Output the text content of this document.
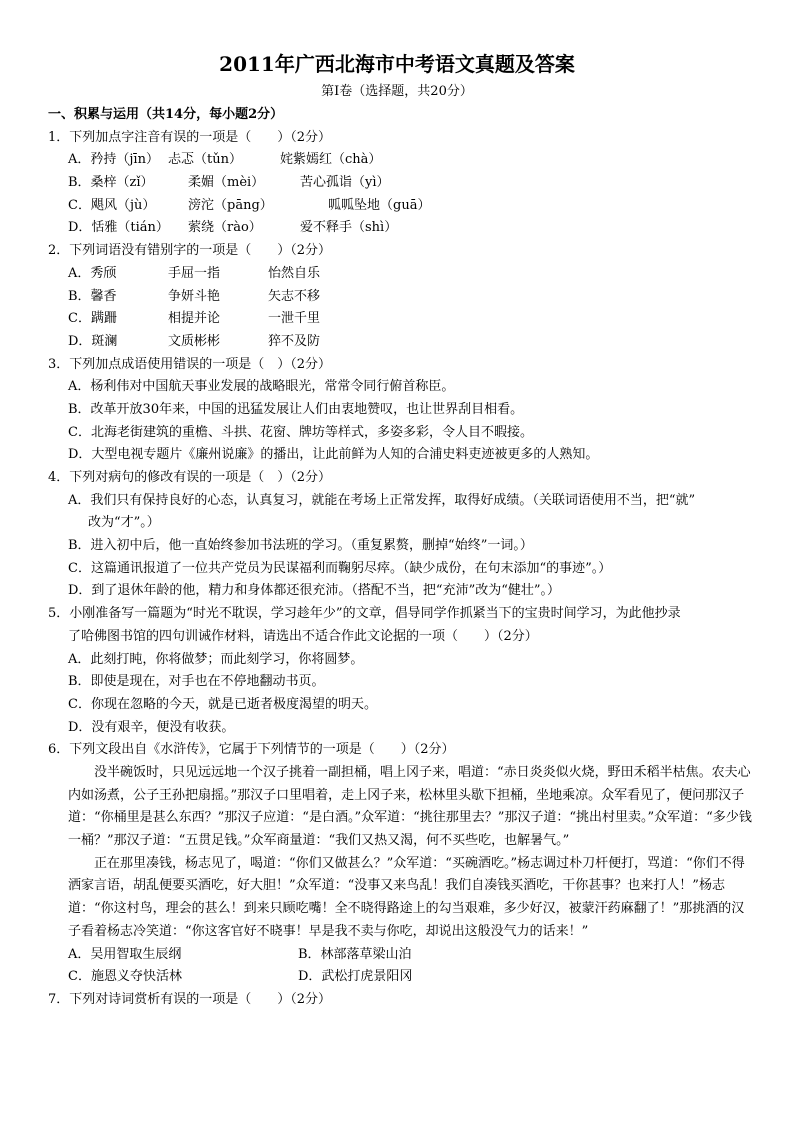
2011年广西北海市中考语文真题及答案
第Ⅰ卷（选择题，共20分）
一、积累与运用（共14分，每小题2分）
1．下列加点字注音有误的一项是（　　）（2分）
A．矜持（jīn） 忐忑（tǔn）	姹紫嫣红（chà）
B．桑梓（zǐ）	柔媚（mèi）	苦心孤诣（yì）
C．飓风（jù）	滂沱（pāng）	呱呱坠地（guā）
D．恬雅（tián）	萦绕（rào）	爱不释手（shì）
2．下列词语没有错别字的一项是（　　）（2分）
A．秀颀	手屈一指	怡然自乐
B．馨香	争妍斗艳	矢志不移
C．蹒跚	相提并论	一泄千里
D．斑澜	文质彬彬	猝不及防
3．下列加点成语使用错误的一项是（　）（2分）
A．杨利伟对中国航天事业发展的战略眼光，常常令同行俯首称臣。
B．改革开放30年来，中国的迅猛发展让人们由衷地赞叹，也让世界刮目相看。
C．北海老街建筑的重檐、斗拱、花窗、牌坊等样式，多姿多彩，令人目不暇接。
D．大型电视专题片《廉州说廉》的播出，让此前鲜为人知的合浦史料吏迹被更多的人熟知。
4．下列对病句的修改有误的一项是（　）（2分）
A．我们只有保持良好的心态，认真复习，就能在考场上正常发挥，取得好成绩。（关联词语使用不当，把“就”
改为“才”。）
B．进入初中后，他一直始终参加书法班的学习。（重复累赘，删掉“始终”一词。）
C．这篇通讯报道了一位共产党员为民谋福利而鞠躬尽瘁。（缺少成份，在句末添加“的事迹”。）
D．到了退休年龄的他，精力和身体都还很充沛。（搭配不当，把“充沛”改为“健壮”。）
5．小刚准备写一篇题为“时光不耽误，学习趁年少”的文章，倡导同学作抓紧当下的宝贵时间学习，为此他抄录
了哈佛图书馆的四句训诫作材料，请选出不适合作此文论据的一项（　　）（2分）
A．此刻打盹，你将做梦；而此刻学习，你将圆梦。
B．即使是现在，对手也在不停地翻动书页。
C．你现在忽略的今天，就是已逝者极度渴望的明天。
D．没有艰辛，便没有收获。
6．下列文段出自《水浒传》，它属于下列情节的一项是（　　）（2分）
没半碗饭时，只见远远地一个汉子挑着一副担桶，唱上冈子来，唱道：“赤日炎炎似火烧，野田禾稻半枯焦。农夫心内如汤煮，公子王孙把扇摇。”那汉子口里唱着，走上冈子来，松林里头歇下担桶，坐地乘凉。众军看见了，便问那汉子道：“你桶里是甚么东西？”那汉子应道：“是白酒。”众军道：“挑往那里去？”那汉子道：“挑出村里卖。”众军道：“多少钱一桶？”那汉子道：“五贯足钱。”众军商量道：“我们又热又渴，何不买些吃，也解暑气。”
正在那里凑钱，杨志见了，喝道：“你们又做甚么？”众军道：“买碗酒吃。”杨志调过朴刀杆便打，骂道：“你们不得洒家言语，胡乱便要买酒吃，好大胆！”众军道：“没事又来鸟乱！我们自凑钱买酒吃，干你甚事？也来打人！”杨志道：“你这村鸟，理会的甚么！到来只顾吃嘴！全不晓得路途上的勾当艰难，多少好汉，被蒙汗药麻翻了！”那挑酒的汉子看着杨志冷笑道：“你这客官好不晓事！早是我不卖与你吃，却说出这般没气力的话来！”
A．吴用智取生辰纲	B．林部落草梁山泊
C．施恩义夺快活林	D．武松打虎景阳冈
7．下列对诗词赏析有误的一项是（　　）（2分）
